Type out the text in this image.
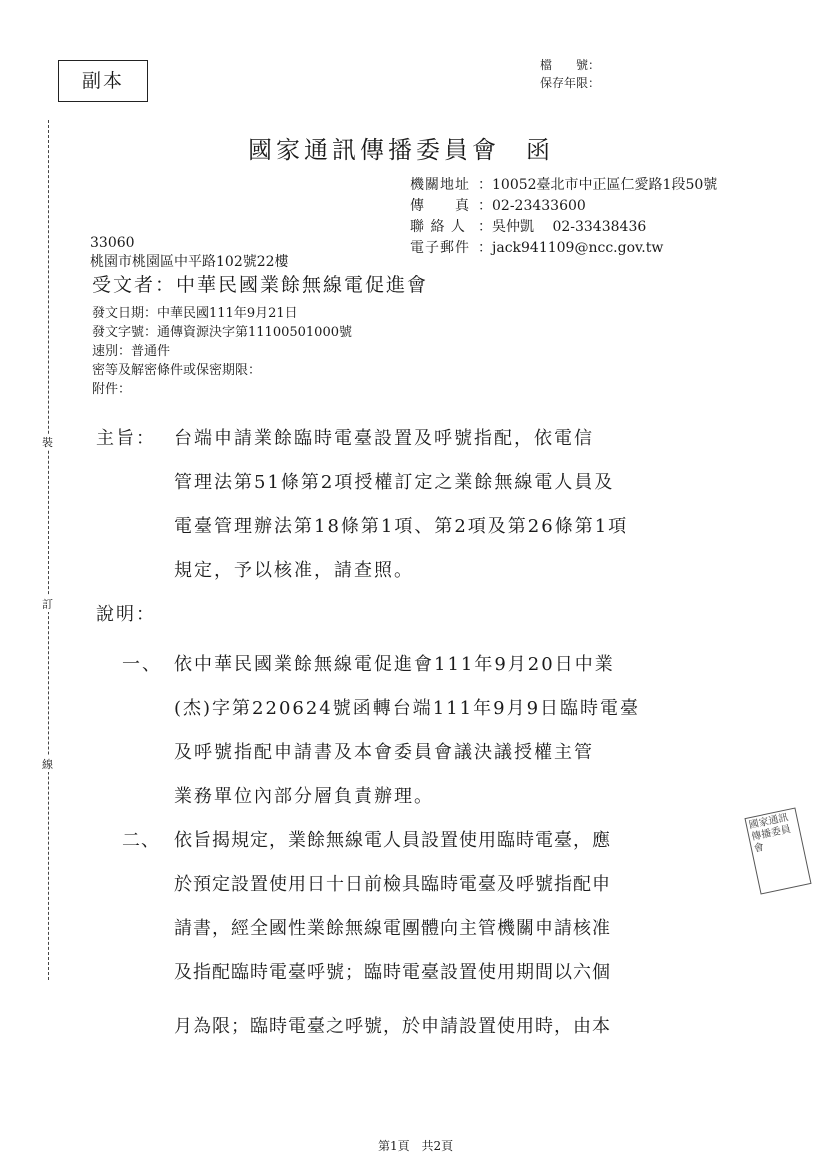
副本
檔　　號：
保存年限：
國家通訊傳播委員會 函
機關地址 ：10052臺北市中正區仁愛路1段50號
傳　　真 ：02-23433600
聯 絡 人 ：吳仲凱　 02-33438436
電子郵件 ：jack941109@ncc.gov.tw
33060
桃園市桃園區中平路102號22樓
受文者：中華民國業餘無線電促進會
發文日期：中華民國111年9月21日
發文字號：通傳資源決字第11100501000號
速別：普通件
密等及解密條件或保密期限：
附件：
主旨： 台端申請業餘臨時電臺設置及呼號指配，依電信
管理法第51條第2項授權訂定之業餘無線電人員及
電臺管理辦法第18條第1項、第2項及第26條第1項
規定，予以核准，請查照。
說明：
一、 依中華民國業餘無線電促進會111年9月20日中業
(杰)字第220624號函轉台端111年9月9日臨時電臺
及呼號指配申請書及本會委員會議決議授權主管
業務單位內部分層負責辦理。
二、 依旨揭規定，業餘無線電人員設置使用臨時電臺，應
於預定設置使用日十日前檢具臨時電臺及呼號指配申
請書，經全國性業餘無線電團體向主管機關申請核准
及指配臨時電臺呼號；臨時電臺設置使用期間以六個
月為限；臨時電臺之呼號，於申請設置使用時，由本
裝
訂
線
國家通訊傳播委員會
第1頁 共2頁
